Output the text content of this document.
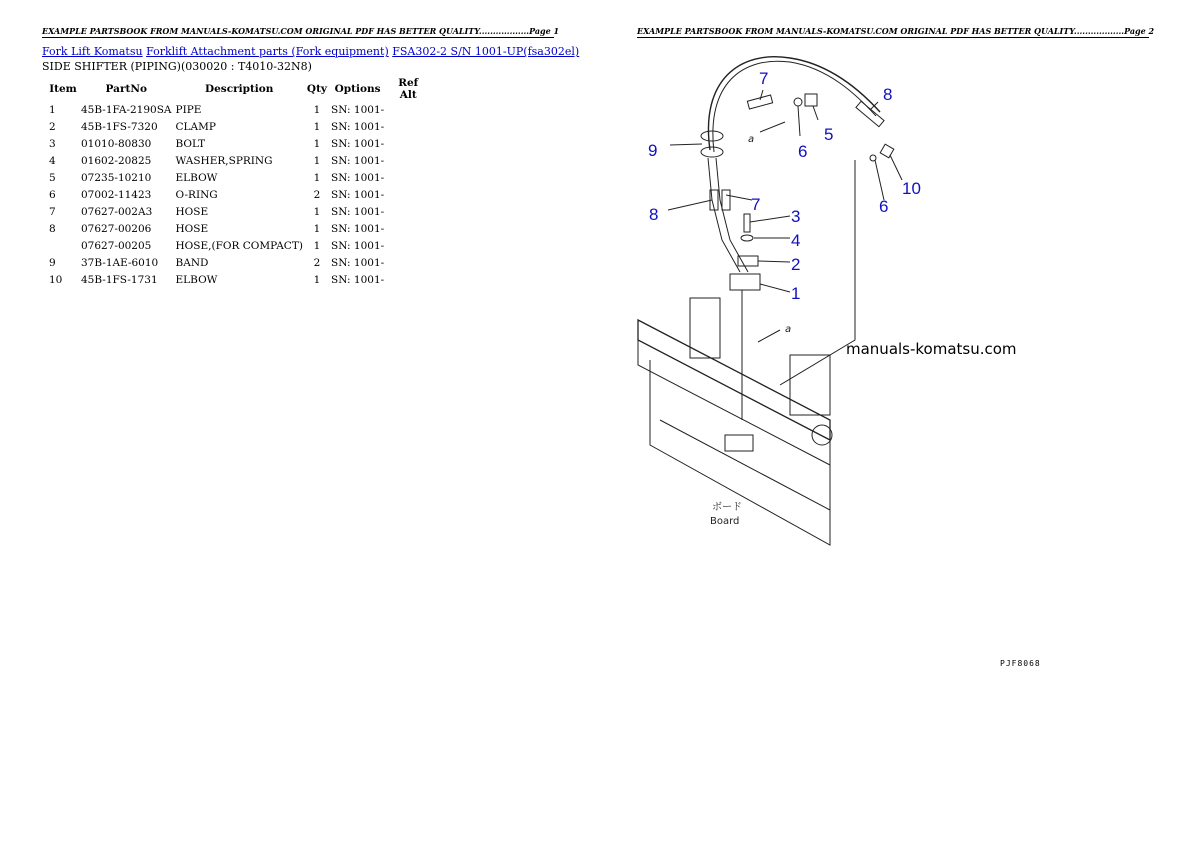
EXAMPLE PARTSBOOK FROM MANUALS-KOMATSU.COM ORIGINAL PDF HAS BETTER QUALITY..................Page 1
Fork Lift Komatsu Forklift Attachment parts (Fork equipment) FSA302-2 S/N 1001-UP(fsa302el)
SIDE SHIFTER (PIPING)(030020 : T4010-32N8)
Item	PartNo	Description	Qty	Options	Ref Alt
1	45B-1FA-2190SA	PIPE	1	SN: 1001-	
2	45B-1FS-7320	CLAMP	1	SN: 1001-	
3	01010-80830	BOLT	1	SN: 1001-	
4	01602-20825	WASHER,SPRING	1	SN: 1001-	
5	07235-10210	ELBOW	1	SN: 1001-	
6	07002-11423	O-RING	2	SN: 1001-	
7	07627-002A3	HOSE	1	SN: 1001-	
8	07627-00206	HOSE	1	SN: 1001-	
	07627-00205	HOSE,(FOR COMPACT)	1	SN: 1001-	
9	37B-1AE-6010	BAND	2	SN: 1001-	
10	45B-1FS-1731	ELBOW	1	SN: 1001-	
EXAMPLE PARTSBOOK FROM MANUALS-KOMATSU.COM ORIGINAL PDF HAS BETTER QUALITY..................Page 2
7
5
6
8
9
6
10
8
7
3
4
2
1
a
a
ボード
Board
manuals-komatsu.com
PJF8068
